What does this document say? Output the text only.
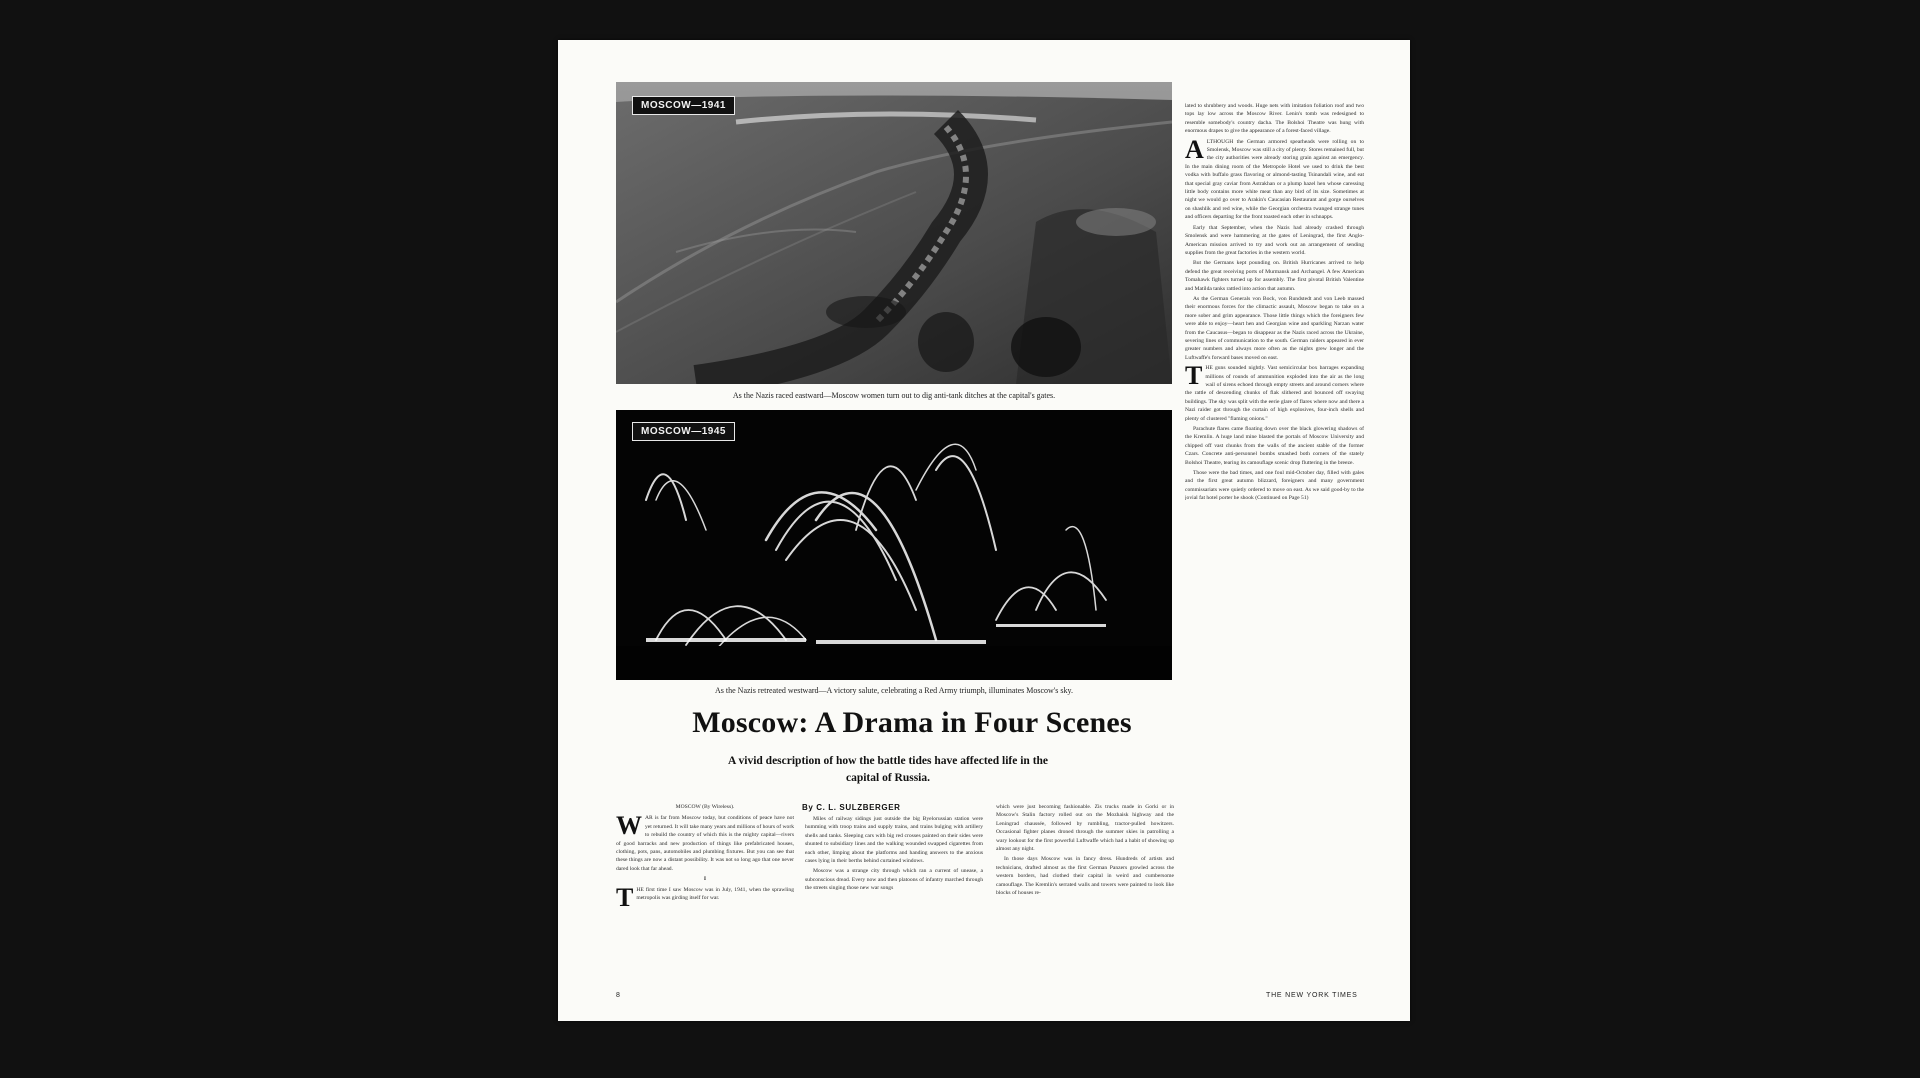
MOSCOW—1941
As the Nazis raced eastward—Moscow women turn out to dig anti-tank ditches at the capital's gates.
MOSCOW—1945
As the Nazis retreated westward—A victory salute, celebrating a Red Army triumph, illuminates Moscow's sky.
Moscow: A Drama in Four Scenes
A vivid description of how the battle tides have affected life in the capital of Russia.
By C. L. SULZBERGER

MOSCOW (By Wireless).

W AR is far from Moscow today, but conditions of peace have not yet returned. It will take many years and millions of hours of work to rebuild the country of which this is the mighty capital—rivers of good barracks and new production of things like prefabricated houses, clothing, pots, pans, automobiles and plumbing fixtures. But you can see that these things are now a distant possibility. It was not so long ago that one never dared look that far ahead.

I

T HE first time I saw Moscow was in July, 1941, when the sprawling metropolis was girding itself for war.

Miles of railway sidings just outside the big Byelorussian station were humming with troop trains and supply trains, and trains bulging with artillery shells and tanks. Sleeping cars with big red crosses painted on their sides were shunted to subsidiary lines and the walking wounded swapped cigarettes from each other, limping about the platforms and handing answers to the anxious cases lying in their berths behind curtained windows.

Moscow was a strange city through which ran a current of unease, a subconscious dread. Every now and then platoons of infantry marched through the streets singing those new war songs

which were just becoming fashionable. Zis trucks made in Gorki or in Moscow's Stalin factory rolled out on the Mozhaisk highway and the Leningrad chaussée, followed by rumbling, tractor-pulled howitzers. Occasional fighter planes droned through the summer skies in patrolling a wary lookout for the first powerful Luftwaffe which had a habit of showing up almost any night.

In those days Moscow was in fancy dress. Hundreds of artists and technicians, drafted almost as the first German Panzers growled across the western borders, had clothed their capital in weird and cumbersome camouflage. The Kremlin's serrated walls and towers were painted to look like blocks of houses re-

lated to shrubbery and woods. Huge nets with imitation foliation roof and two tops lay low across the Moscow River. Lenin's tomb was redesigned to resemble somebody's country dacha. The Bolshoi Theatre was hung with enormous drapes to give the appearance of a forest-faced village.

A LTHOUGH the German armored spearheads were rolling on to Smolensk, Moscow was still a city of plenty. Stores remained full, but the city authorities were already storing grain against an emergency. In the main dining room of the Metropole Hotel we used to drink the best vodka with buffalo grass flavoring or almond-tasting Tsinandali wine, and eat that special gray caviar from Astrakhan or a plump hazel hen whose caressing little body contains more white meat than any bird of its size. Sometimes at night we would go over to Arakin's Caucasian Restaurant and gorge ourselves on shashlik and red wine, while the Georgian orchestra twanged strange tunes and officers departing for the front toasted each other in schnapps.

Early that September, when the Nazis had already crashed through Smolensk and were hammering at the gates of Leningrad, the first Anglo-American mission arrived to try and work out an arrangement of sending supplies from the great factories in the western world.

But the Germans kept pounding on. British Hurricanes arrived to help defend the great receiving ports of Murmansk and Archangel. A few American Tomahawk fighters turned up for assembly. The first pivotal British Valentine and Matilda tanks rattled into action that autumn.

As the German Generals von Bock, von Rundstedt and von Leeb massed their enormous forces for the climactic assault, Moscow began to take on a more sober and grim appearance. Those little things which the foreigners few were able to enjoy—heart hen and Georgian wine and sparkling Narzan water from the Caucasus—began to disappear as the Nazis raced across the Ukraine, severing lines of communication to the south. German raiders appeared in ever greater numbers and always more often as the nights grew longer and the Luftwaffe's forward bases moved on east.

T HE guns sounded nightly. Vast semicircular box barrages expanding millions of rounds of ammunition exploded into the air as the long wail of sirens echoed through empty streets and around corners where the rattle of descending chunks of flak slithered and bounced off swaying buildings. The sky was split with the eerie glare of flares where now and there a Nazi raider got through the curtain of high explosives, four-inch shells and plenty of clustered "flaming onions."

Parachute flares came floating down over the black glowering shadows of the Kremlin. A huge land mine blasted the portals of Moscow University and chipped off vast chunks from the walls of the ancient stable of the former Czars. Concrete anti-personnel bombs smashed both corners of the stately Bolshoi Theatre, tearing its camouflage scenic drop fluttering in the breeze.

Those were the bad times, and one foul mid-October day, filled with gales and the first great autumn blizzard, foreigners and many government commissariats were quietly ordered to move on east. As we said good-by to the jovial fat hotel porter he shook (Continued on Page 51)

8	THE NEW YORK TIMES
